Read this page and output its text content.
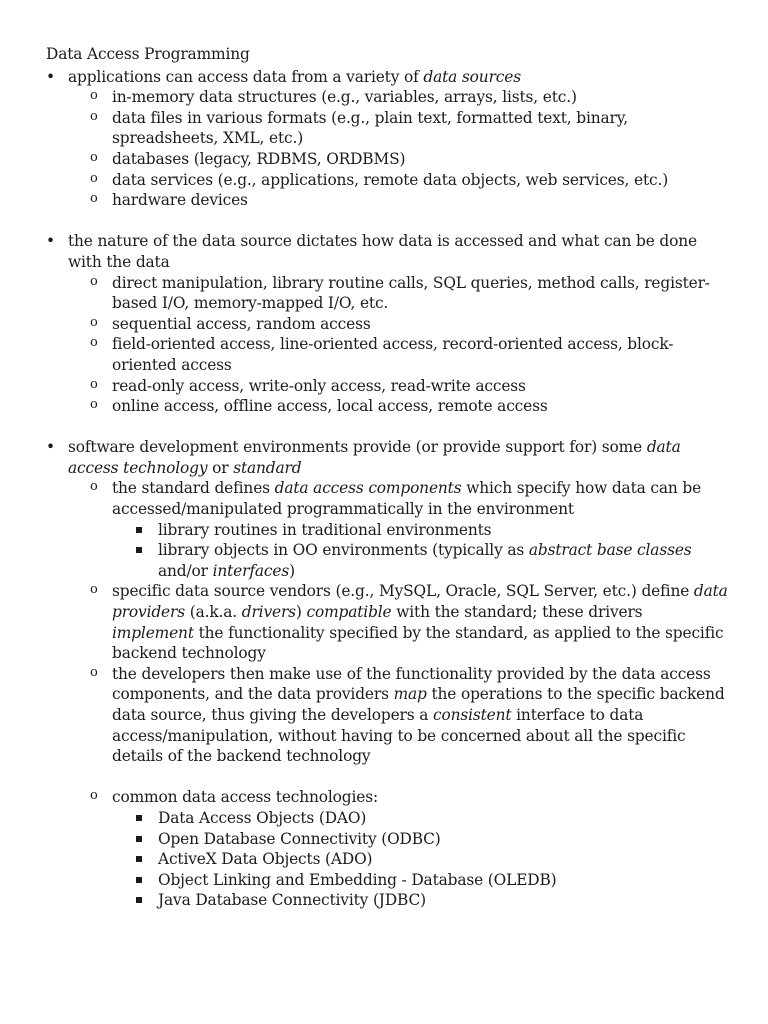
Data Access Programming
• applications can access data from a variety of data sources
o in-memory data structures (e.g., variables, arrays, lists, etc.)
o data files in various formats (e.g., plain text, formatted text, binary, spreadsheets, XML, etc.)
o databases (legacy, RDBMS, ORDBMS)
o data services (e.g., applications, remote data objects, web services, etc.)
o hardware devices
• the nature of the data source dictates how data is accessed and what can be done with the data
o direct manipulation, library routine calls, SQL queries, method calls, register-based I/O, memory-mapped I/O, etc.
o sequential access, random access
o field-oriented access, line-oriented access, record-oriented access, block-oriented access
o read-only access, write-only access, read-write access
o online access, offline access, local access, remote access
• software development environments provide (or provide support for) some data access technology or standard
o the standard defines data access components which specify how data can be accessed/manipulated programmatically in the environment
library routines in traditional environments
library objects in OO environments (typically as abstract base classes and/or interfaces)
o specific data source vendors (e.g., MySQL, Oracle, SQL Server, etc.) define data providers (a.k.a. drivers) compatible with the standard; these drivers implement the functionality specified by the standard, as applied to the specific backend technology
o the developers then make use of the functionality provided by the data access components, and the data providers map the operations to the specific backend data source, thus giving the developers a consistent interface to data access/manipulation, without having to be concerned about all the specific details of the backend technology
o common data access technologies:
Data Access Objects (DAO)
Open Database Connectivity (ODBC)
ActiveX Data Objects (ADO)
Object Linking and Embedding - Database (OLEDB)
Java Database Connectivity (JDBC)
